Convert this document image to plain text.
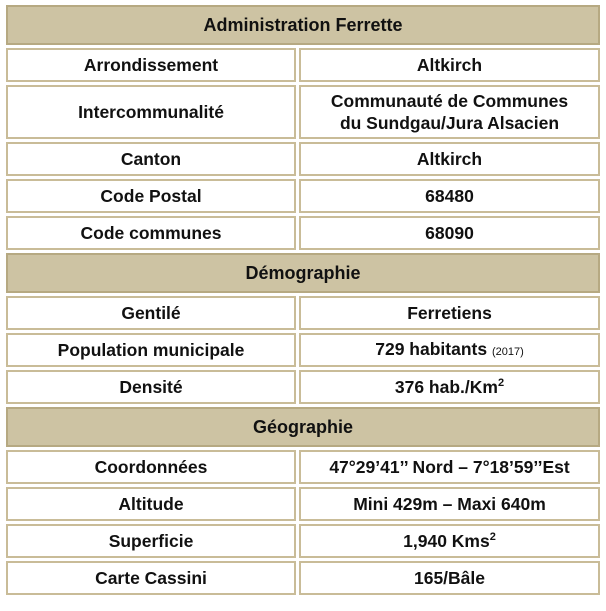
Administration Ferrette	
Arrondissement	Altkirch
Intercommunalité	Communauté de Communes
du Sundgau/Jura Alsacien

Canton	Altkirch
Code Postal	68480
Code communes	68090
Démographie	
Gentilé	Ferretiens
Population municipale	729 habitants (2017)
Densité	376 hab./Km$^2$
Géographie	
Coordonnées	47°29’41’’ Nord – 7°18’59’’Est
Altitude	Mini 429m – Maxi 640m
Superficie	1,940 Kms$^2$
Carte Cassini	165/Bâle
